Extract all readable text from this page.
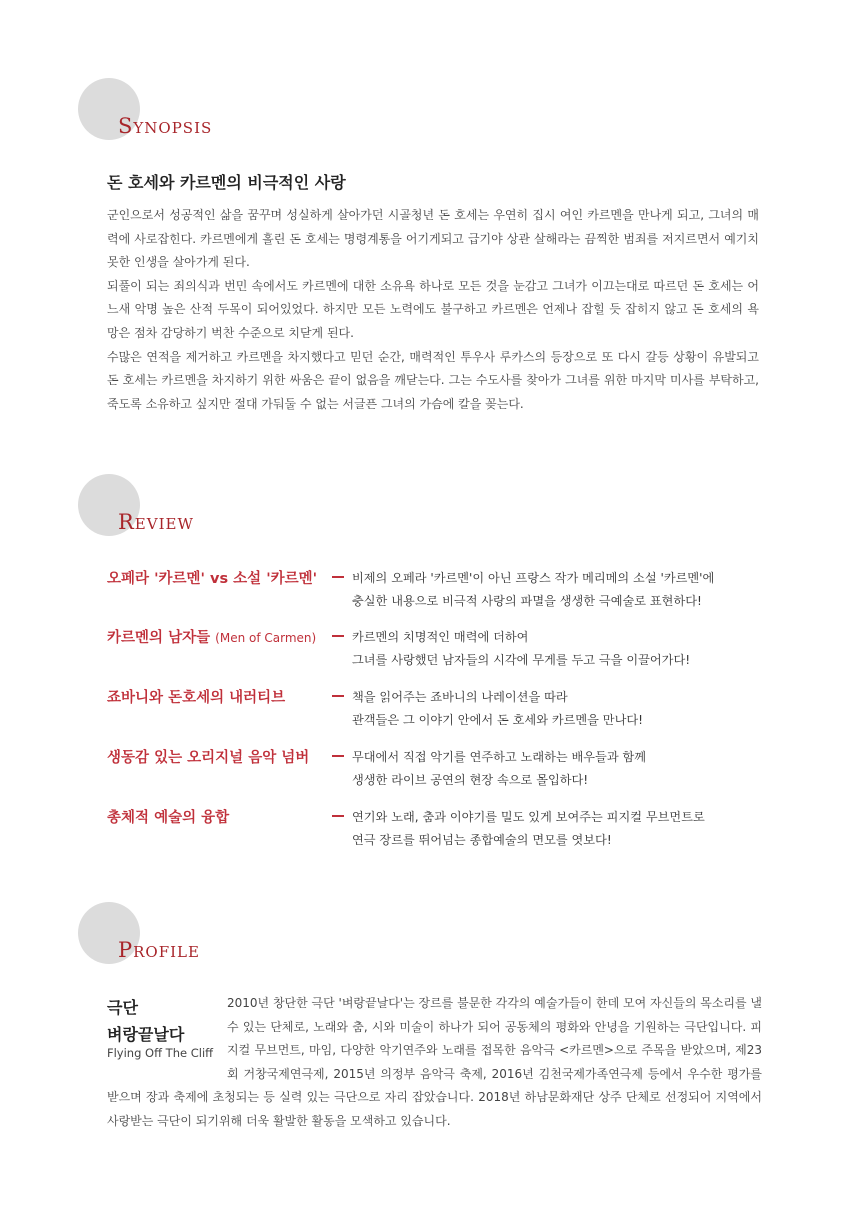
Synopsis
돈 호세와 카르멘의 비극적인 사랑

군인으로서 성공적인 삶을 꿈꾸며 성실하게 살아가던 시골청년 돈 호세는 우연히 집시 여인 카르멘을 만나게 되고, 그녀의 매력에 사로잡힌다. 카르멘에게 홀린 돈 호세는 명령계통을 어기게되고 급기야 상관 살해라는 끔찍한 범죄를 저지르면서 예기치 못한 인생을 살아가게 된다.

되풀이 되는 죄의식과 번민 속에서도 카르멘에 대한 소유욕 하나로 모든 것을 눈감고 그녀가 이끄는대로 따르던 돈 호세는 어느새 악명 높은 산적 두목이 되어있었다. 하지만 모든 노력에도 불구하고 카르멘은 언제나 잡힐 듯 잡히지 않고 돈 호세의 욕망은 점차 감당하기 벅찬 수준으로 치닫게 된다.

수많은 연적을 제거하고 카르멘을 차지했다고 믿던 순간, 매력적인 투우사 루카스의 등장으로 또 다시 갈등 상황이 유발되고 돈 호세는 카르멘을 차지하기 위한 싸움은 끝이 없음을 깨닫는다. 그는 수도사를 찾아가 그녀를 위한 마지막 미사를 부탁하고, 죽도록 소유하고 싶지만 절대 가둬둘 수 없는 서글픈 그녀의 가슴에 칼을 꽂는다.

Review
오페라 '카르멘' vs 소설 '카르멘'	비제의 오페라 '카르멘'이 아닌 프랑스 작가 메리메의 소설 '카르멘'에
충실한 내용으로 비극적 사랑의 파멸을 생생한 극예술로 표현하다!
카르멘의 남자들 (Men of Carmen)	카르멘의 치명적인 매력에 더하여
그녀를 사랑했던 남자들의 시각에 무게를 두고 극을 이끌어가다!
죠바니와 돈호세의 내러티브	책을 읽어주는 죠바니의 나레이션을 따라
관객들은 그 이야기 안에서 돈 호세와 카르멘을 만나다!
생동감 있는 오리지널 음악 넘버	무대에서 직접 악기를 연주하고 노래하는 배우들과 함께
생생한 라이브 공연의 현장 속으로 몰입하다!
총체적 예술의 융합	연기와 노래, 춤과 이야기를 밀도 있게 보여주는 피지컬 무브먼트로
연극 장르를 뛰어넘는 종합예술의 면모를 엿보다!
Profile
극단
벼랑끝날다
Flying Off The Cliff

2010년 창단한 극단 '벼랑끝날다'는 장르를 불문한 각각의 예술가들이 한데 모여 자신들의 목소리를 낼 수 있는 단체로, 노래와 춤, 시와 미술이 하나가 되어 공동체의 평화와 안녕을 기원하는 극단입니다. 피지컬 무브먼트, 마임, 다양한 악기연주와 노래를 접목한 음악극 <카르멘>으로 주목을 받았으며, 제23회 거창국제연극제, 2015년 의정부 음악극 축제, 2016년 김천국제가족연극제 등에서 우수한 평가를 받으며 장과 축제에 초청되는 등 실력 있는 극단으로 자리 잡았습니다. 2018년 하남문화재단 상주 단체로 선정되어 지역에서 사랑받는 극단이 되기위해 더욱 활발한 활동을 모색하고 있습니다.
